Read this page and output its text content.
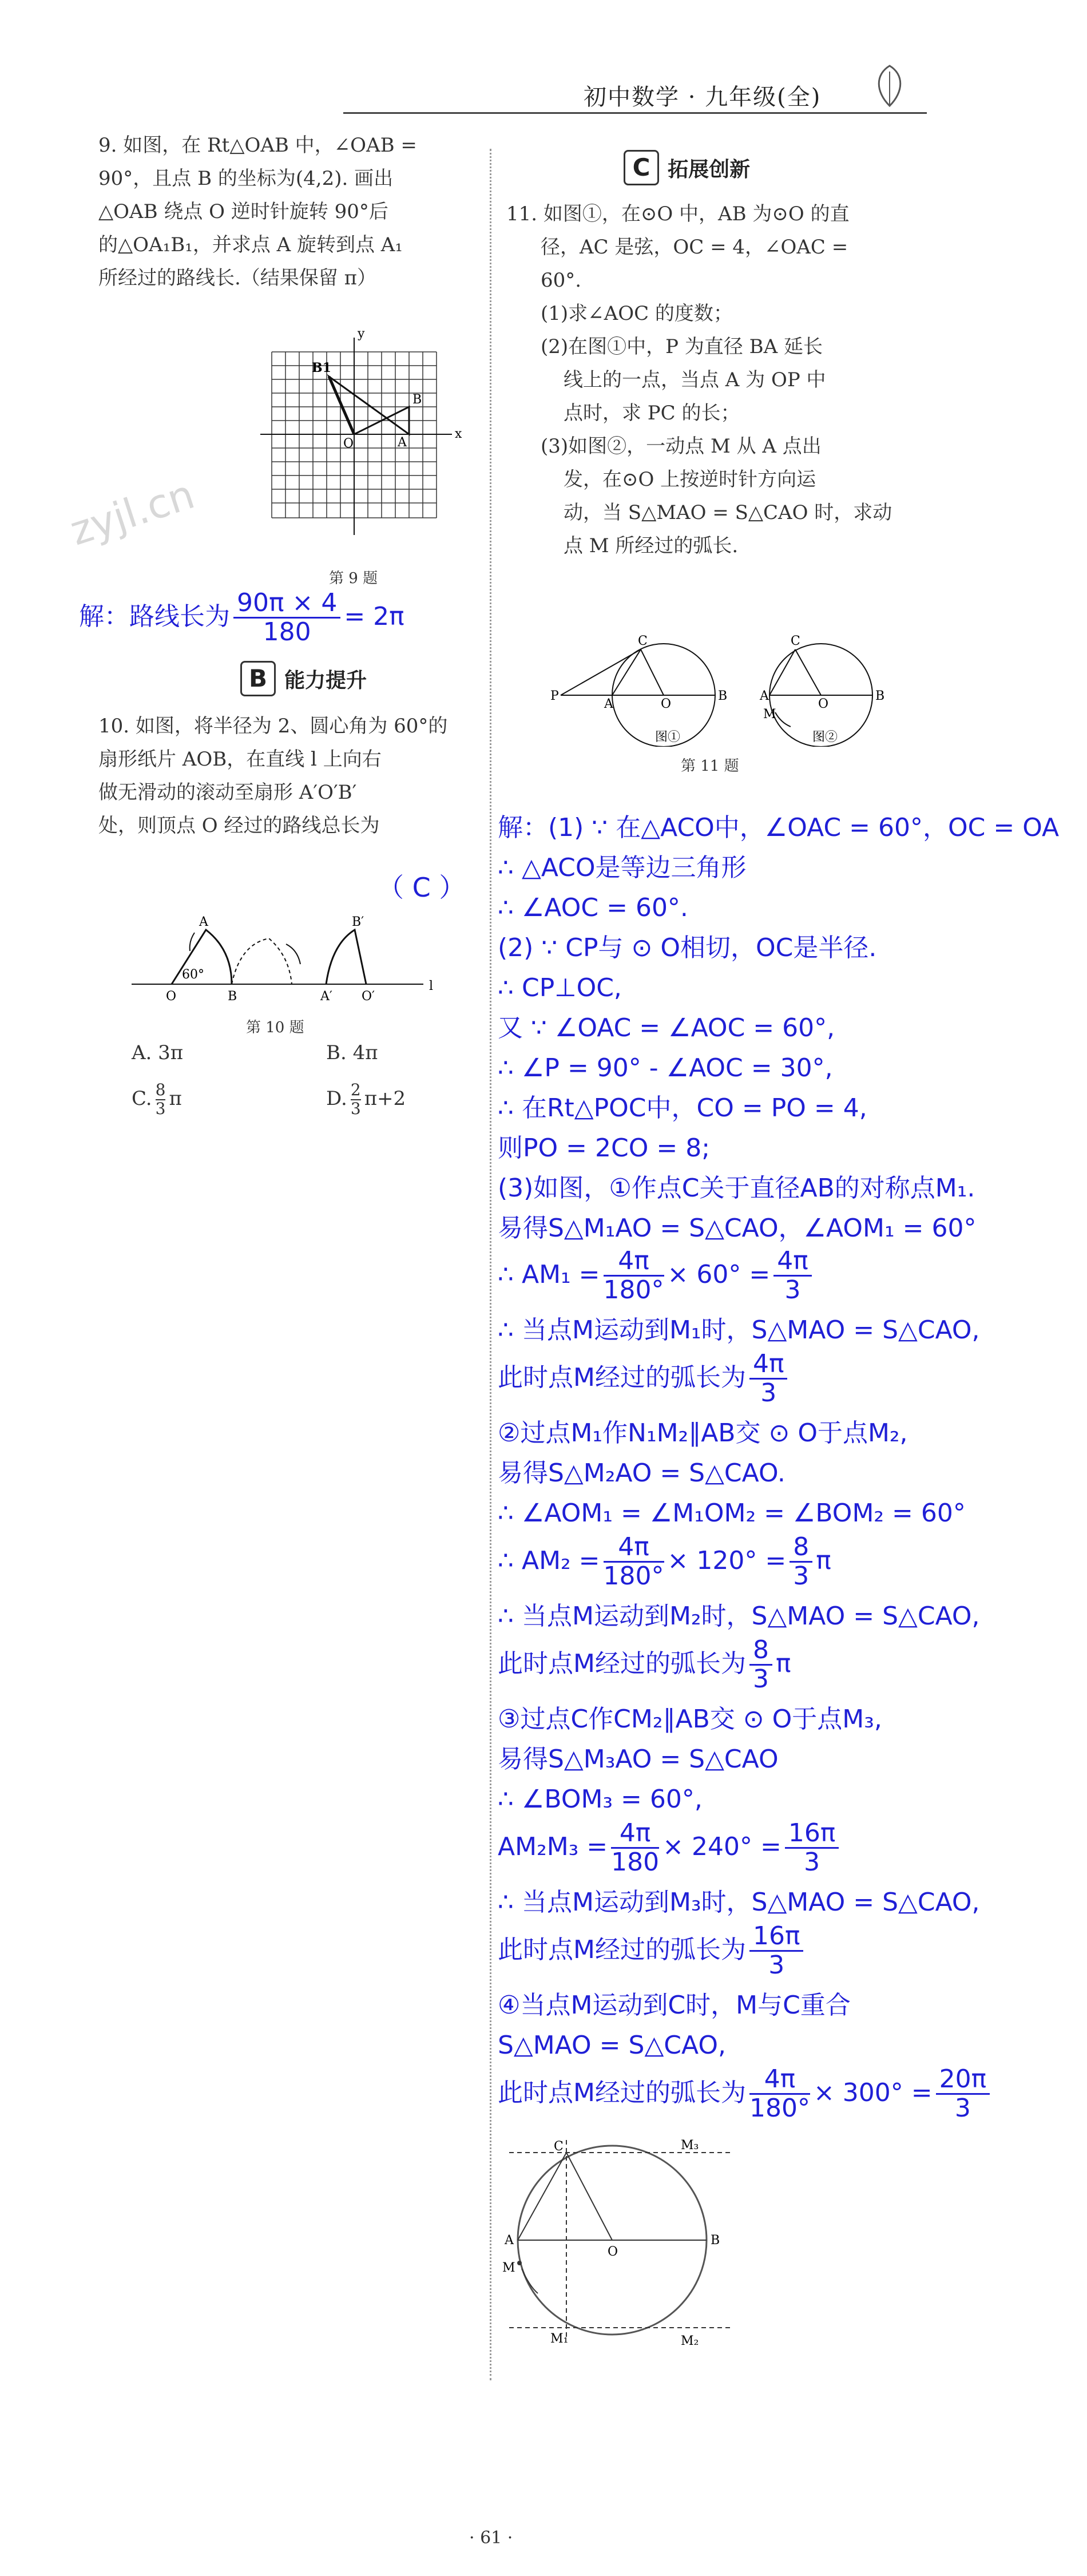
初中数学 · 九年级(全)
zyjl.cn
9. 如图，在 Rt△OAB 中，∠OAB =
90°，且点 B 的坐标为(4,2). 画出
△OAB 绕点 O 逆时针旋转 90°后
的△OA₁B₁，并求点 A 旋转到点 A₁
所经过的路线长.（结果保留 π）
B1
B
A
O
x
y
第 9 题
解：路线长为 $\frac{90\pi \times 4}{180} = 2\pi$
B 能力提升
10. 如图，将半径为 2、圆心角为 60°的
扇形纸片 AOB，在直线 l 上向右
做无滑动的滚动至扇形 A′O′B′
处，则顶点 O 经过的路线总长为
（ C ）
A
O	B
60°
A′ O′
B′
l
第 10 题
A. 3π	B. 4π
C. $\frac{8}{3}$ π	D. $\frac{2}{3} \pi+2$
C 拓展创新
11. 如图①，在⊙O 中，AB 为⊙O 的直
径，AC 是弦，OC = 4，∠OAC =
60°.
(1)求∠AOC 的度数；
(2)在图①中，P 为直径 BA 延长
线上的一点，当点 A 为 OP 中
点时，求 PC 的长；
(3)如图②，一动点 M 从 A 点出
发，在⊙O 上按逆时针方向运
动，当 S△MAO = S△CAO 时，求动
点 M 所经过的弧长.
P
C
A	O
B
图①
C
A
O
B
M
图②
第 11 题
解：(1) ∵ 在△ACO中，∠OAC = 60°，OC = OA
∴ △ACO是等边三角形
∴ ∠AOC = 60°.
(2) ∵ CP与 ⊙ O相切，OC是半径.
∴ CP⊥OC,
又 ∵ ∠OAC = ∠AOC = 60°,
∴ ∠P = 90° - ∠AOC = 30°,
∴ 在Rt△POC中，CO = PO = 4,
则PO = 2CO = 8;
(3)如图，①作点C关于直径AB的对称点M₁.
易得S△M₁AO = S△CAO，∠AOM₁ = 60°
∴ $AM_1 = \frac{4\pi}{180^\circ} \times 60^\circ = \frac{4\pi}{3}$
∴ 当点M运动到M₁时，S△MAO = S△CAO,
此时点M经过的弧长为 $\frac{4\pi}{3}$
②过点M₁作N₁M₂∥AB交 ⊙ O于点M₂,
易得S△M₂AO = S△CAO.
∴ ∠AOM₁ = ∠M₁OM₂ = ∠BOM₂ = 60°
∴ $AM_2 = \frac{4\pi}{180^\circ} \times 120^\circ = \frac{8}{3}$ π
∴ 当点M运动到M₂时，S△MAO = S△CAO,
此时点M经过的弧长为 $\frac{8}{3}$ π
③过点C作CM₂∥AB交 ⊙ O于点M₃,
易得S△M₃AO = S△CAO
∴ ∠BOM₃ = 60°,
$AM_2M_3 = \frac{4\pi}{180} \times 240^\circ = \frac{16\pi}{3}$
∴ 当点M运动到M₃时，S△MAO = S△CAO,
此时点M经过的弧长为 $\frac{16\pi}{3}$
④当点M运动到C时，M与C重合
S△MAO = S△CAO,
此时点M经过的弧长为 $\frac{4\pi}{180^\circ} \times 300^\circ = \frac{20\pi}{3}$
C	M₃
A
O
B
M
M₁	M₂
· 61 ·
